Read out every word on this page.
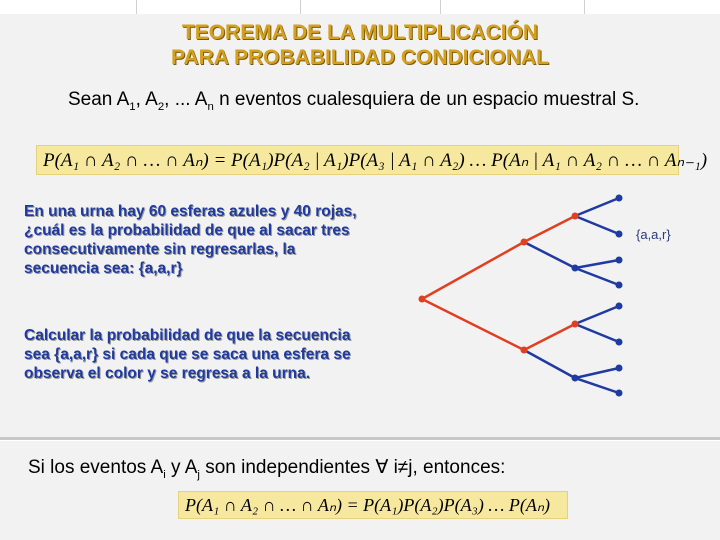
TEOREMA DE LA MULTIPLICACIÓN
PARA PROBABILIDAD CONDICIONAL
Sean $A_1$, $A_2$, ... $A_n$ n eventos cualesquiera de un espacio muestral S.
P(A₁ ∩ A₂ ∩ … ∩ Aₙ) = P(A₁)P(A₂ | A₁)P(A₃ | A₁ ∩ A₂) … P(Aₙ | A₁ ∩ A₂ ∩ … ∩ Aₙ₋₁)
En una urna hay 60 esferas azules y 40 rojas, ¿cuál es la probabilidad de que al sacar tres consecutivamente sin regresarlas, la secuencia sea: {a,a,r}
Calcular la probabilidad de que la secuencia sea {a,a,r} si cada que se saca una esfera se observa el color y se regresa a la urna.
{a,a,r}
Si los eventos $A_i$ y $A_j$ son independientes ∀ i≠j, entonces:
P(A₁ ∩ A₂ ∩ … ∩ Aₙ) = P(A₁)P(A₂)P(A₃) … P(Aₙ)
